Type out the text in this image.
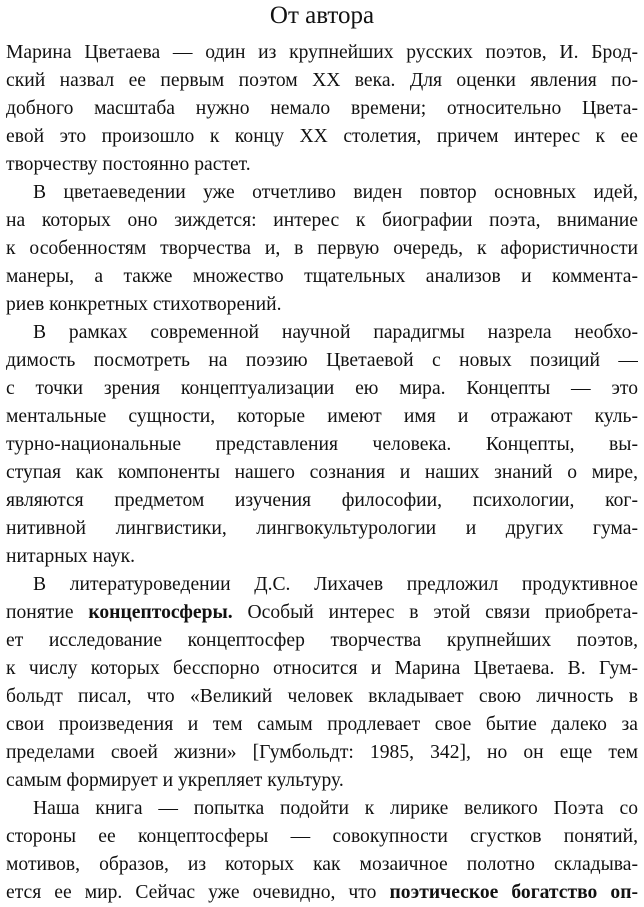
От автора
Марина Цветаева — один из крупнейших русских поэтов, И. Брод-
ский назвал ее первым поэтом XX века. Для оценки явления по-
добного масштаба нужно немало времени; относительно Цвета-
евой это произошло к концу XX столетия, причем интерес к ее
творчеству постоянно растет.
В цветаеведении уже отчетливо виден повтор основных идей,
на которых оно зиждется: интерес к биографии поэта, внимание
к особенностям творчества и, в первую очередь, к афористичности
манеры, а также множество тщательных анализов и коммента-
риев конкретных стихотворений.
В рамках современной научной парадигмы назрела необхо-
димость посмотреть на поэзию Цветаевой с новых позиций —
с точки зрения концептуализации ею мира. Концепты — это
ментальные сущности, которые имеют имя и отражают куль-
турно-национальные представления человека. Концепты, вы-
ступая как компоненты нашего сознания и наших знаний о мире,
являются предметом изучения философии, психологии, ког-
нитивной лингвистики, лингвокультурологии и других гума-
нитарных наук.
В литературоведении Д.С. Лихачев предложил продуктивное
понятие концептосферы. Особый интерес в этой связи приобрета-
ет исследование концептосфер творчества крупнейших поэтов,
к числу которых бесспорно относится и Марина Цветаева. В. Гум-
больдт писал, что «Великий человек вкладывает свою личность в
свои произведения и тем самым продлевает свое бытие далеко за
пределами своей жизни» [Гумбольдт: 1985, 342], но он еще тем
самым формирует и укрепляет культуру.
Наша книга — попытка подойти к лирике великого Поэта со
стороны ее концептосферы — совокупности сгустков понятий,
мотивов, образов, из которых как мозаичное полотно складыва-
ется ее мир. Сейчас уже очевидно, что поэтическое богатство оп-
